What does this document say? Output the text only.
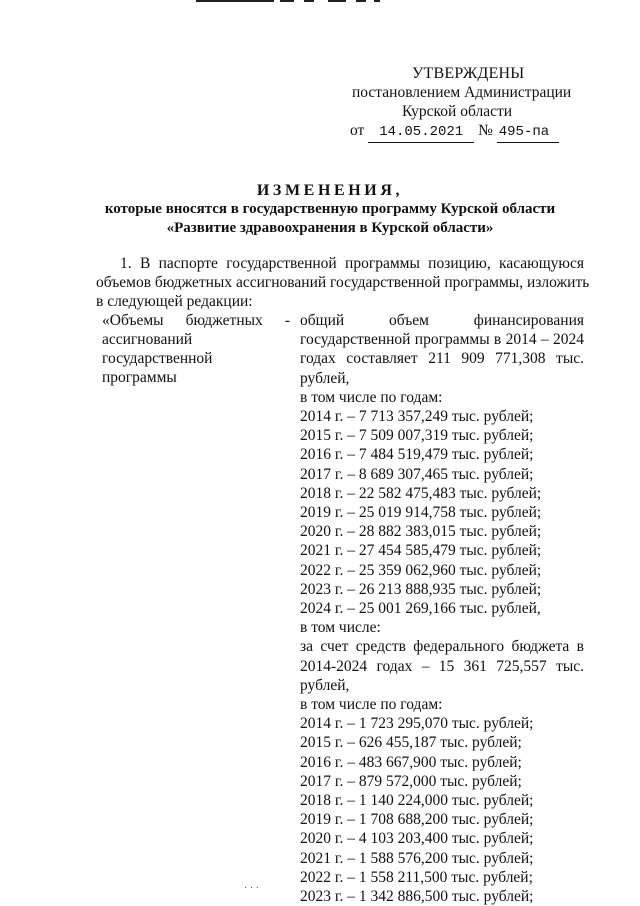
УТВЕРЖДЕНЫ
постановлением Администрации
Курской области
от 14.05.2021 № 495-па
ИЗМЕНЕНИЯ,
которые вносятся в государственную программу Курской области
«Развитие здравоохранения в Курской области»
1. В паспорте государственной программы позицию, касающуюся
объемов бюджетных ассигнований государственной программы, изложить
в следующей редакции:
«Объемы бюджетных -
ассигнований
государственной
программы
общий объем финансирования
государственной программы в 2014 – 2024
годах составляет 211 909 771,308 тыс.
рублей,
в том числе по годам:
2014 г. – 7 713 357,249 тыс. рублей;
2015 г. – 7 509 007,319 тыс. рублей;
2016 г. – 7 484 519,479 тыс. рублей;
2017 г. – 8 689 307,465 тыс. рублей;
2018 г. – 22 582 475,483 тыс. рублей;
2019 г. – 25 019 914,758 тыс. рублей;
2020 г. – 28 882 383,015 тыс. рублей;
2021 г. – 27 454 585,479 тыс. рублей;
2022 г. – 25 359 062,960 тыс. рублей;
2023 г. – 26 213 888,935 тыс. рублей;
2024 г. – 25 001 269,166 тыс. рублей,
в том числе:
за счет средств федерального бюджета в
2014-2024 годах – 15 361 725,557 тыс.
рублей,
в том числе по годам:
2014 г. – 1 723 295,070 тыс. рублей;
2015 г. – 626 455,187 тыс. рублей;
2016 г. – 483 667,900 тыс. рублей;
2017 г. – 879 572,000 тыс. рублей;
2018 г. – 1 140 224,000 тыс. рублей;
2019 г. – 1 708 688,200 тыс. рублей;
2020 г. – 4 103 203,400 тыс. рублей;
2021 г. – 1 588 576,200 тыс. рублей;
2022 г. – 1 558 211,500 тыс. рублей;
2023 г. – 1 342 886,500 тыс. рублей;
· · ·
